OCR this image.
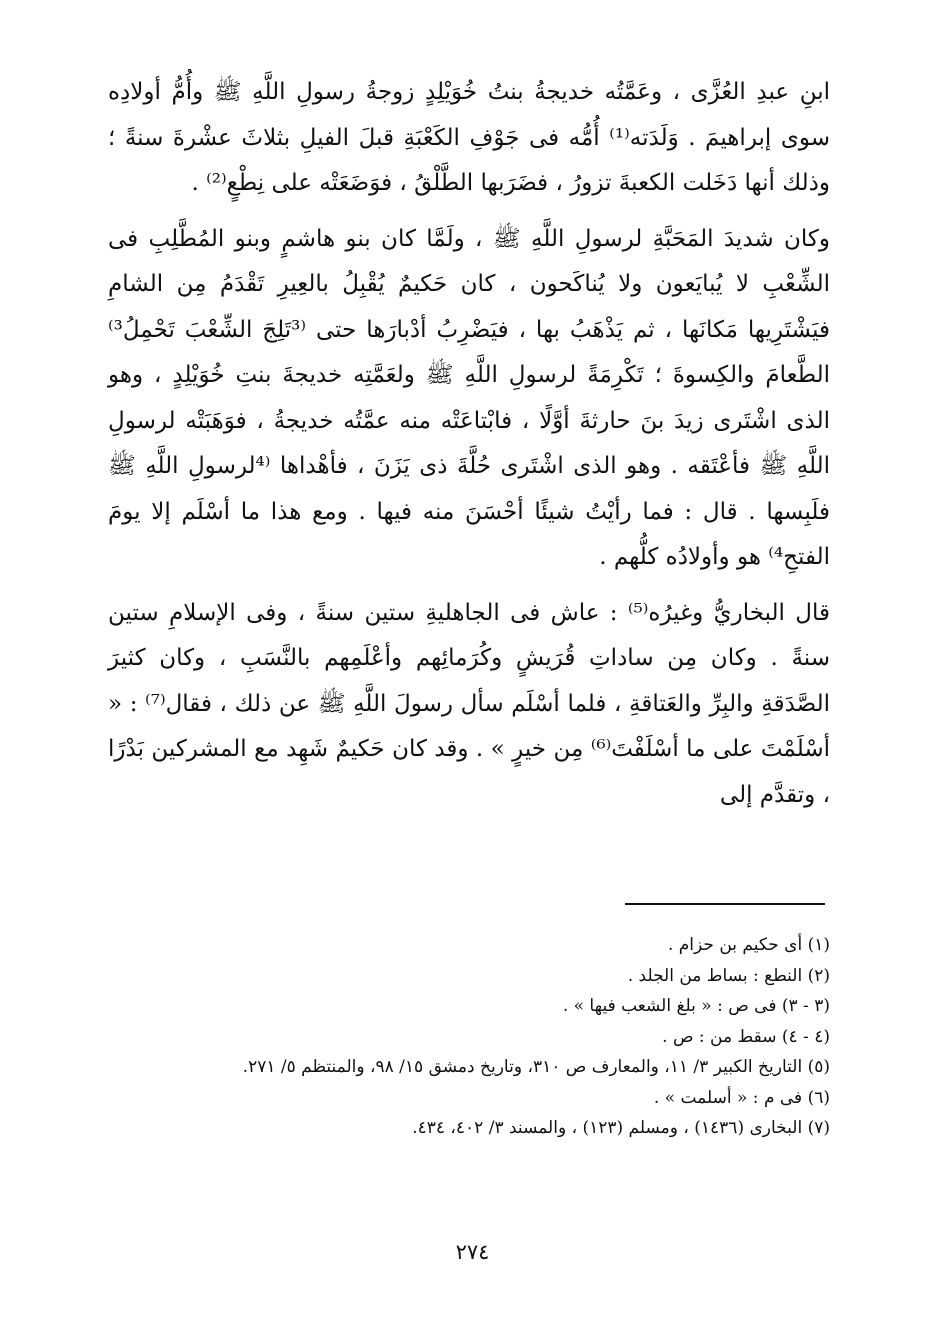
ابنِ عبدِ العُزَّى ، وعَمَّتُه خديجةُ بنتُ خُوَيْلِدٍ زوجةُ رسولِ اللَّهِ ﷺ وأُمُّ أولادِه سوى إبراهيمَ . وَلَدَته⁽¹⁾ أُمُّه فى جَوْفِ الكَعْبَةِ قبلَ الفيلِ بثلاثَ عشْرةَ سنةً ؛ وذلك أنها دَخَلت الكعبةَ تزورُ ، فضَرَبها الطَّلْقُ ، فوَضَعَتْه على نِطْعٍ⁽²⁾ .

وكان شديدَ المَحَبَّةِ لرسولِ اللَّهِ ﷺ ، ولَمَّا كان بنو هاشمٍ وبنو المُطَّلِبِ فى الشِّعْبِ لا يُبايَعون ولا يُناكَحون ، كان حَكيمٌ يُقْبِلُ بالعِيرِ تَقْدَمُ مِن الشامِ فيَشْتَرِيها مَكانَها ، ثم يَذْهَبُ بها ، فيَضْرِبُ أدْبارَها حتى ⁽³تَلِجَ الشِّعْبَ تَحْمِلُ³⁾ الطَّعامَ والكِسوةَ ؛ تَكْرِمَةً لرسولِ اللَّهِ ﷺ ولعَمَّتِه خديجةَ بنتِ خُوَيْلِدٍ ، وهو الذى اشْتَرى زيدَ بنَ حارثةَ أوَّلًا ، فابْتاعَتْه منه عمَّتُه خديجةُ ، فوَهَبَتْه لرسولِ اللَّهِ ﷺ فأعْتَقه . وهو الذى اشْتَرى حُلَّةَ ذى يَزَنَ ، فأهْداها ⁽⁴لرسولِ اللَّهِ ﷺ فلَبِسها . قال : فما رأيْتُ شيئًا أحْسَنَ منه فيها . ومع هذا ما أسْلَم إلا يومَ الفتحِ⁴⁾ هو وأولادُه كلُّهم .

قال البخاريُّ وغيرُه⁽⁵⁾ : عاش فى الجاهليةِ ستين سنةً ، وفى الإسلامِ ستين سنةً . وكان مِن ساداتِ قُرَيشٍ وكُرَمائِهم وأعْلَمِهم بالنَّسَبِ ، وكان كثيرَ الصَّدَقةِ والبِرِّ والعَتاقةِ ، فلما أسْلَم سأل رسولَ اللَّهِ ﷺ عن ذلك ، فقال⁽⁷⁾ : « أسْلَمْتَ على ما أسْلَفْتَ⁽⁶⁾ مِن خيرٍ » . وقد كان حَكيمٌ شَهِد مع المشركين بَدْرًا ، وتقدَّم إلى

(١) أى حكيم بن حزام .
(٢) النطع : بساط من الجلد .
(٣ - ٣) فى ص : « بلغ الشعب فيها » .
(٤ - ٤) سقط من : ص .
(٥) التاريخ الكبير ٣/ ١١، والمعارف ص ٣١٠، وتاريخ دمشق ١٥/ ٩٨، والمنتظم ٥/ ٢٧١.
(٦) فى م : « أسلمت » .
(٧) البخارى (١٤٣٦) ، ومسلم (١٢٣) ، والمسند ٣/ ٤٠٢، ٤٣٤.
٢٧٤
